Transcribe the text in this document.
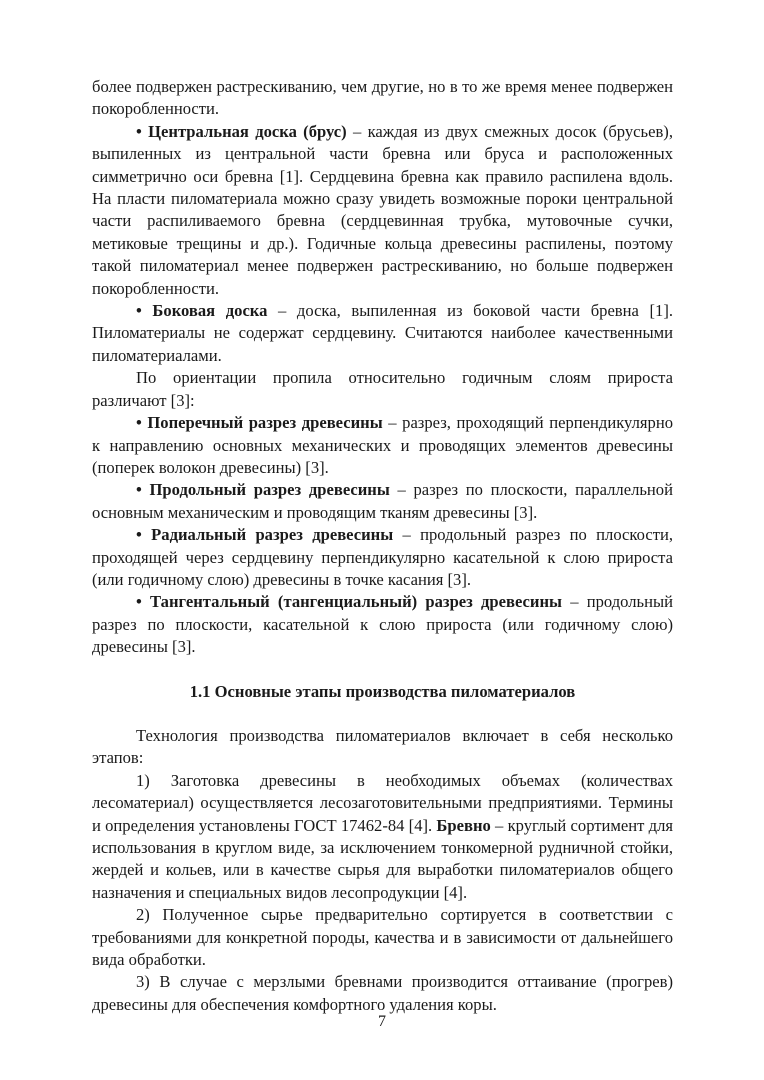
более подвержен растрескиванию, чем другие, но в то же время менее подвержен покоробленности.

• Центральная доска (брус) – каждая из двух смежных досок (брусьев), выпиленных из центральной части бревна или бруса и расположенных симметрично оси бревна [1]. Сердцевина бревна как правило распилена вдоль. На пласти пиломатериала можно сразу увидеть возможные пороки центральной части распиливаемого бревна (сердцевинная трубка, мутовочные сучки, метиковые трещины и др.). Годичные кольца древесины распилены, поэтому такой пиломатериал менее подвержен растрескиванию, но больше подвержен покоробленности.

• Боковая доска – доска, выпиленная из боковой части бревна [1]. Пиломатериалы не содержат сердцевину. Считаются наиболее качественными пиломатериалами.

По ориентации пропила относительно годичным слоям прироста различают [3]:

• Поперечный разрез древесины – разрез, проходящий перпендикулярно к направлению основных механических и проводящих элементов древесины (поперек волокон древесины) [3].

• Продольный разрез древесины – разрез по плоскости, параллельной основным механическим и проводящим тканям древесины [3].

• Радиальный разрез древесины – продольный разрез по плоскости, проходящей через сердцевину перпендикулярно касательной к слою прироста (или годичному слою) древесины в точке касания [3].

• Тангентальный (тангенциальный) разрез древесины – продольный разрез по плоскости, касательной к слою прироста (или годичному слою) древесины [3].

1.1 Основные этапы производства пиломатериалов

Технология производства пиломатериалов включает в себя несколько этапов:

1) Заготовка древесины в необходимых объемах (количествах лесоматериал) осуществляется лесозаготовительными предприятиями. Термины и определения установлены ГОСТ 17462-84 [4]. Бревно – круглый сортимент для использования в круглом виде, за исключением тонкомерной рудничной стойки, жердей и кольев, или в качестве сырья для выработки пиломатериалов общего назначения и специальных видов лесопродукции [4].

2) Полученное сырье предварительно сортируется в соответствии с требованиями для конкретной породы, качества и в зависимости от дальнейшего вида обработки.

3) В случае с мерзлыми бревнами производится оттаивание (прогрев) древесины для обеспечения комфортного удаления коры.

7
